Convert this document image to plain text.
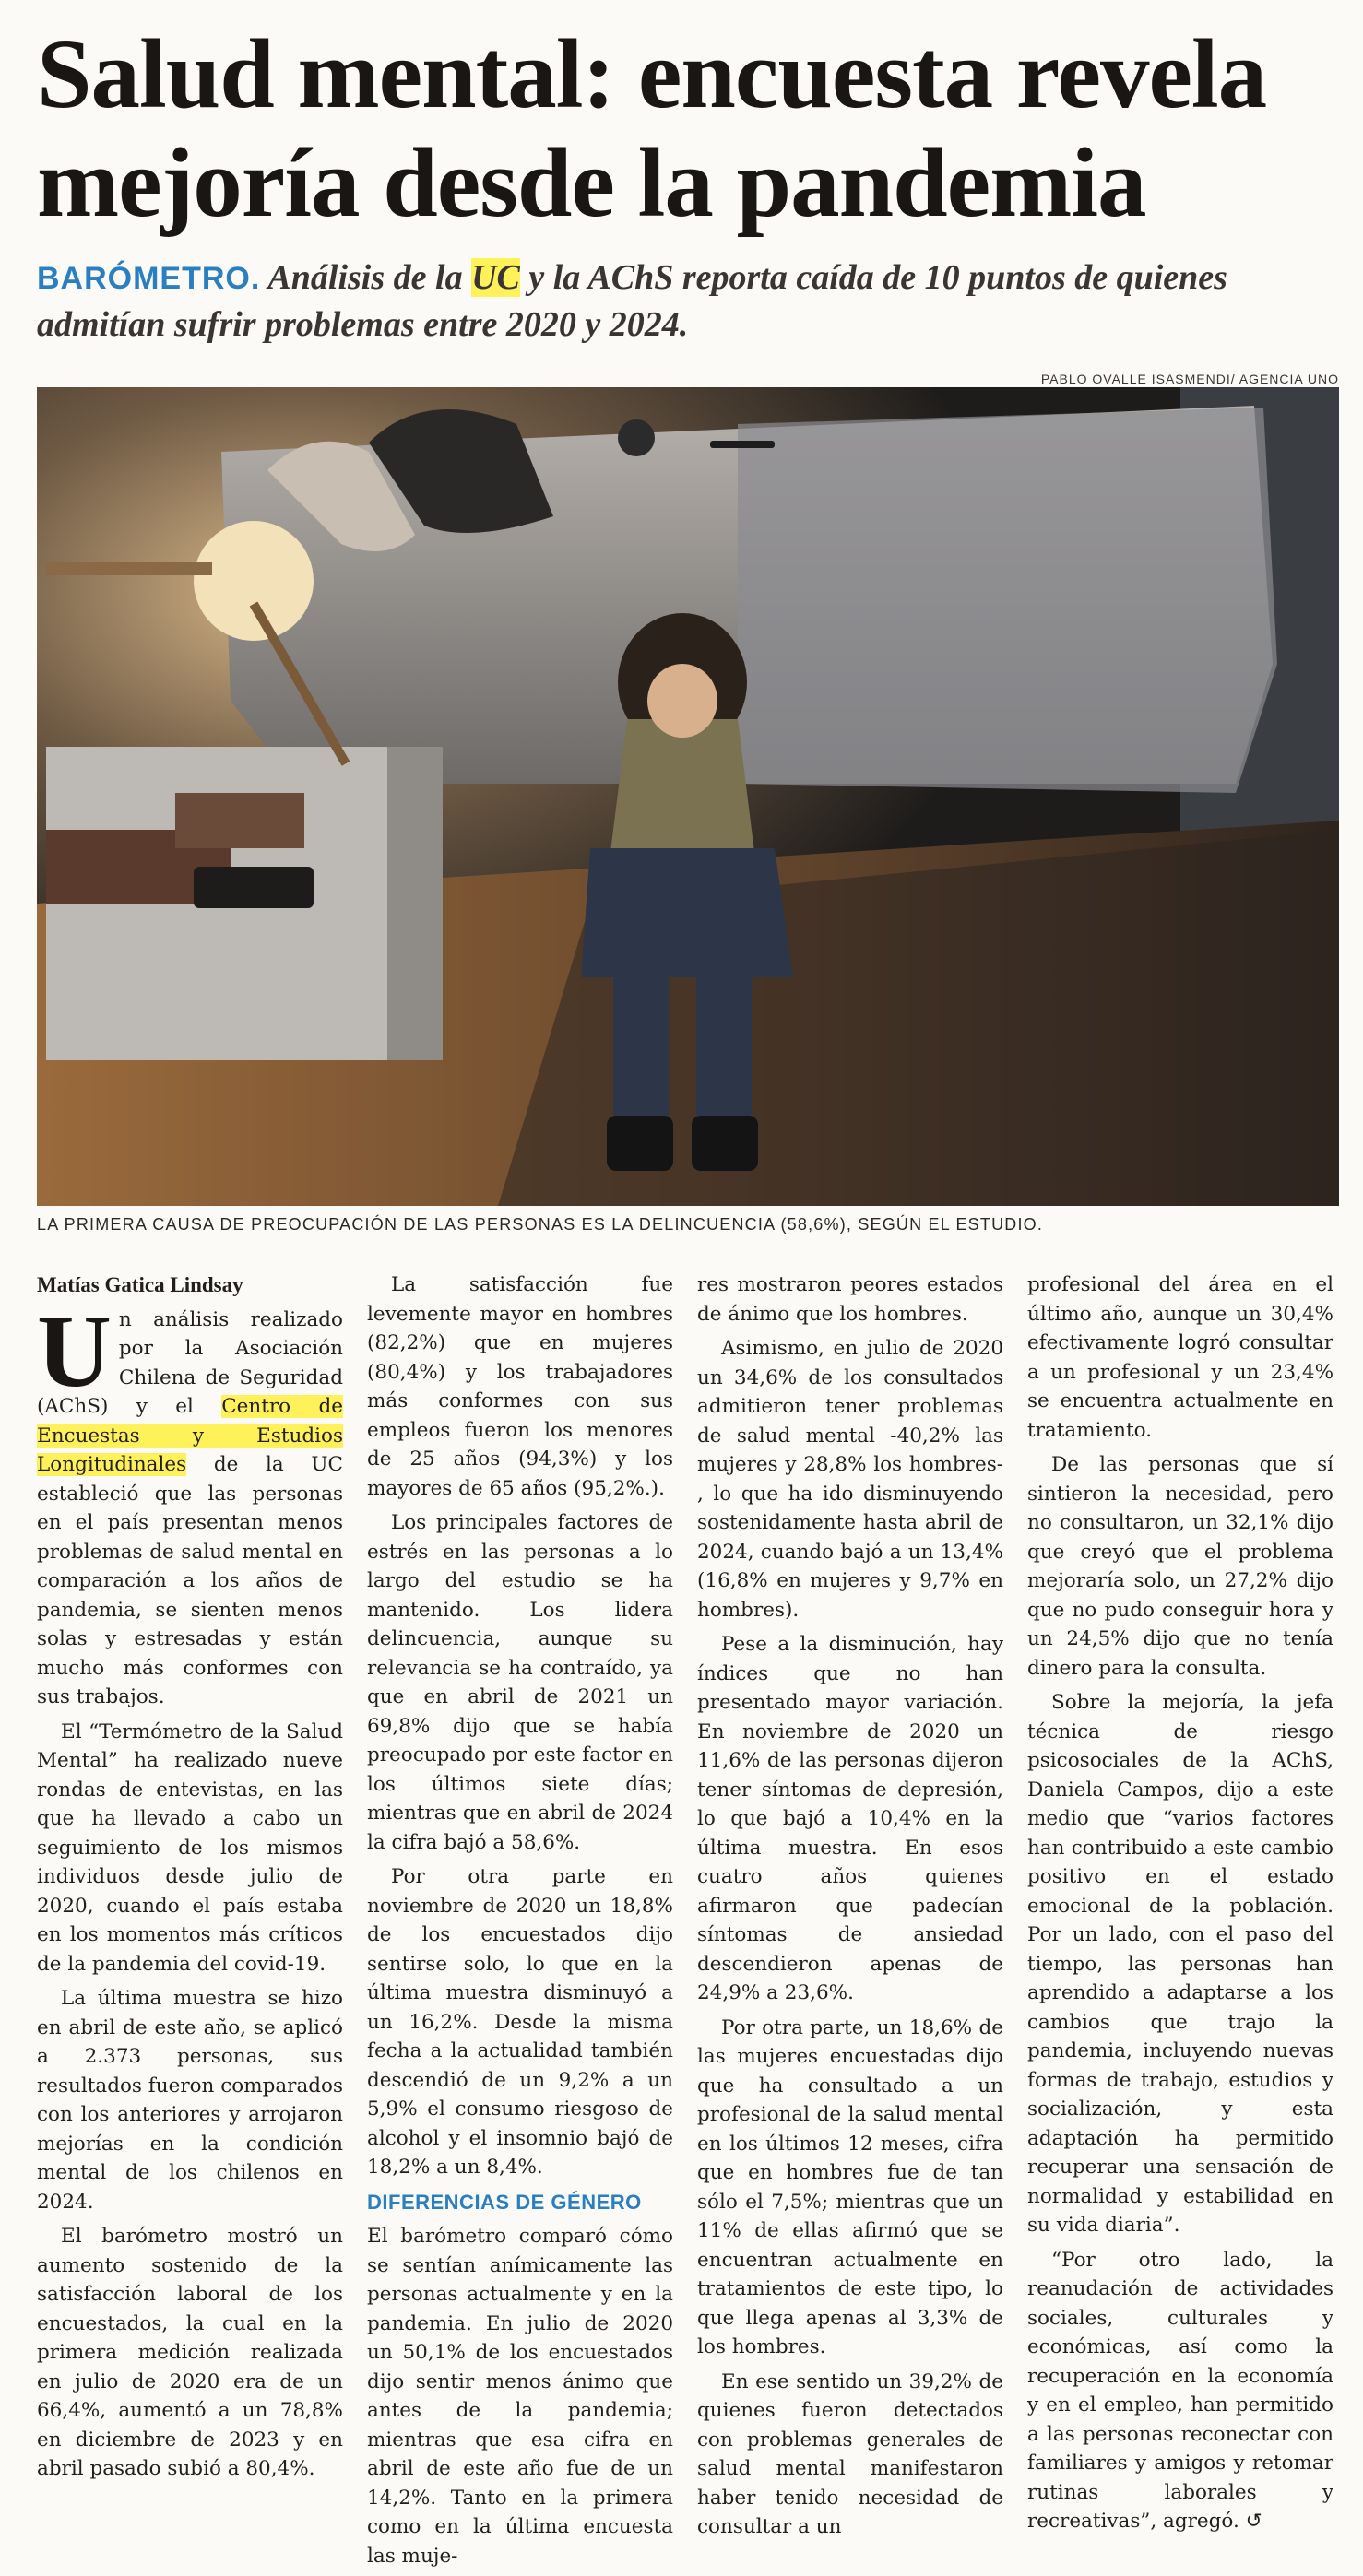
Salud mental: encuesta revela mejoría desde la pandemia
BARÓMETRO. Análisis de la UC y la AChS reporta caída de 10 puntos de quienes admitían sufrir problemas entre 2020 y 2024.
PABLO OVALLE ISASMENDI/ AGENCIA UNO
LA PRIMERA CAUSA DE PREOCUPACIÓN DE LAS PERSONAS ES LA DELINCUENCIA (58,6%), SEGÚN EL ESTUDIO.

Matías Gatica Lindsay

Un análisis realizado por la Asociación Chilena de Seguridad (AChS) y el Centro de Encuestas y Estudios Longitudinales de la UC estableció que las personas en el país presentan menos problemas de salud mental en comparación a los años de pandemia, se sienten menos solas y estresadas y están mucho más conformes con sus trabajos.

El “Termómetro de la Salud Mental” ha realizado nueve rondas de entevistas, en las que ha llevado a cabo un seguimiento de los mismos individuos desde julio de 2020, cuando el país estaba en los momentos más críticos de la pandemia del covid-19.

La última muestra se hizo en abril de este año, se aplicó a 2.373 personas, sus resultados fueron comparados con los anteriores y arrojaron mejorías en la condición mental de los chilenos en 2024.

El barómetro mostró un aumento sostenido de la satisfacción laboral de los encuestados, la cual en la primera medición realizada en julio de 2020 era de un 66,4%, aumentó a un 78,8% en diciembre de 2023 y en abril pasado subió a 80,4%.

La satisfacción fue levemente mayor en hombres (82,2%) que en mujeres (80,4%) y los trabajadores más conformes con sus empleos fueron los menores de 25 años (94,3%) y los mayores de 65 años (95,2%.).

Los principales factores de estrés en las personas a lo largo del estudio se ha mantenido. Los lidera delincuencia, aunque su relevancia se ha contraído, ya que en abril de 2021 un 69,8% dijo que se había preocupado por este factor en los últimos siete días; mientras que en abril de 2024 la cifra bajó a 58,6%.

Por otra parte en noviembre de 2020 un 18,8% de los encuestados dijo sentirse solo, lo que en la última muestra disminuyó a un 16,2%. Desde la misma fecha a la actualidad también descendió de un 9,2% a un 5,9% el consumo riesgoso de alcohol y el insomnio bajó de 18,2% a un 8,4%.

DIFERENCIAS DE GÉNERO

El barómetro comparó cómo se sentían anímicamente las personas actualmente y en la pandemia. En julio de 2020 un 50,1% de los encuestados dijo sentir menos ánimo que antes de la pandemia; mientras que esa cifra en abril de este año fue de un 14,2%. Tanto en la primera como en la última encuesta las muje-

res mostraron peores estados de ánimo que los hombres.

Asimismo, en julio de 2020 un 34,6% de los consultados admitieron tener problemas de salud mental -40,2% las mujeres y 28,8% los hombres- , lo que ha ido disminuyendo sostenidamente hasta abril de 2024, cuando bajó a un 13,4% (16,8% en mujeres y 9,7% en hombres).

Pese a la disminución, hay índices que no han presentado mayor variación. En noviembre de 2020 un 11,6% de las personas dijeron tener síntomas de depresión, lo que bajó a 10,4% en la última muestra. En esos cuatro años quienes afirmaron que padecían síntomas de ansiedad descendieron apenas de 24,9% a 23,6%.

Por otra parte, un 18,6% de las mujeres encuestadas dijo que ha consultado a un profesional de la salud mental en los últimos 12 meses, cifra que en hombres fue de tan sólo el 7,5%; mientras que un 11% de ellas afirmó que se encuentran actualmente en tratamientos de este tipo, lo que llega apenas al 3,3% de los hombres.

En ese sentido un 39,2% de quienes fueron detectados con problemas generales de salud mental manifestaron haber tenido necesidad de consultar a un

profesional del área en el último año, aunque un 30,4% efectivamente logró consultar a un profesional y un 23,4% se encuentra actualmente en tratamiento.

De las personas que sí sintieron la necesidad, pero no consultaron, un 32,1% dijo que creyó que el problema mejoraría solo, un 27,2% dijo que no pudo conseguir hora y un 24,5% dijo que no tenía dinero para la consulta.

Sobre la mejoría, la jefa técnica de riesgo psicosociales de la AChS, Daniela Campos, dijo a este medio que “varios factores han contribuido a este cambio positivo en el estado emocional de la población. Por un lado, con el paso del tiempo, las personas han aprendido a adaptarse a los cambios que trajo la pandemia, incluyendo nuevas formas de trabajo, estudios y socialización, y esta adaptación ha permitido recuperar una sensación de normalidad y estabilidad en su vida diaria”.

“Por otro lado, la reanudación de actividades sociales, culturales y económicas, así como la recuperación en la economía y en el empleo, han permitido a las personas reconectar con familiares y amigos y retomar rutinas laborales y recreativas”, agregó. ↺
